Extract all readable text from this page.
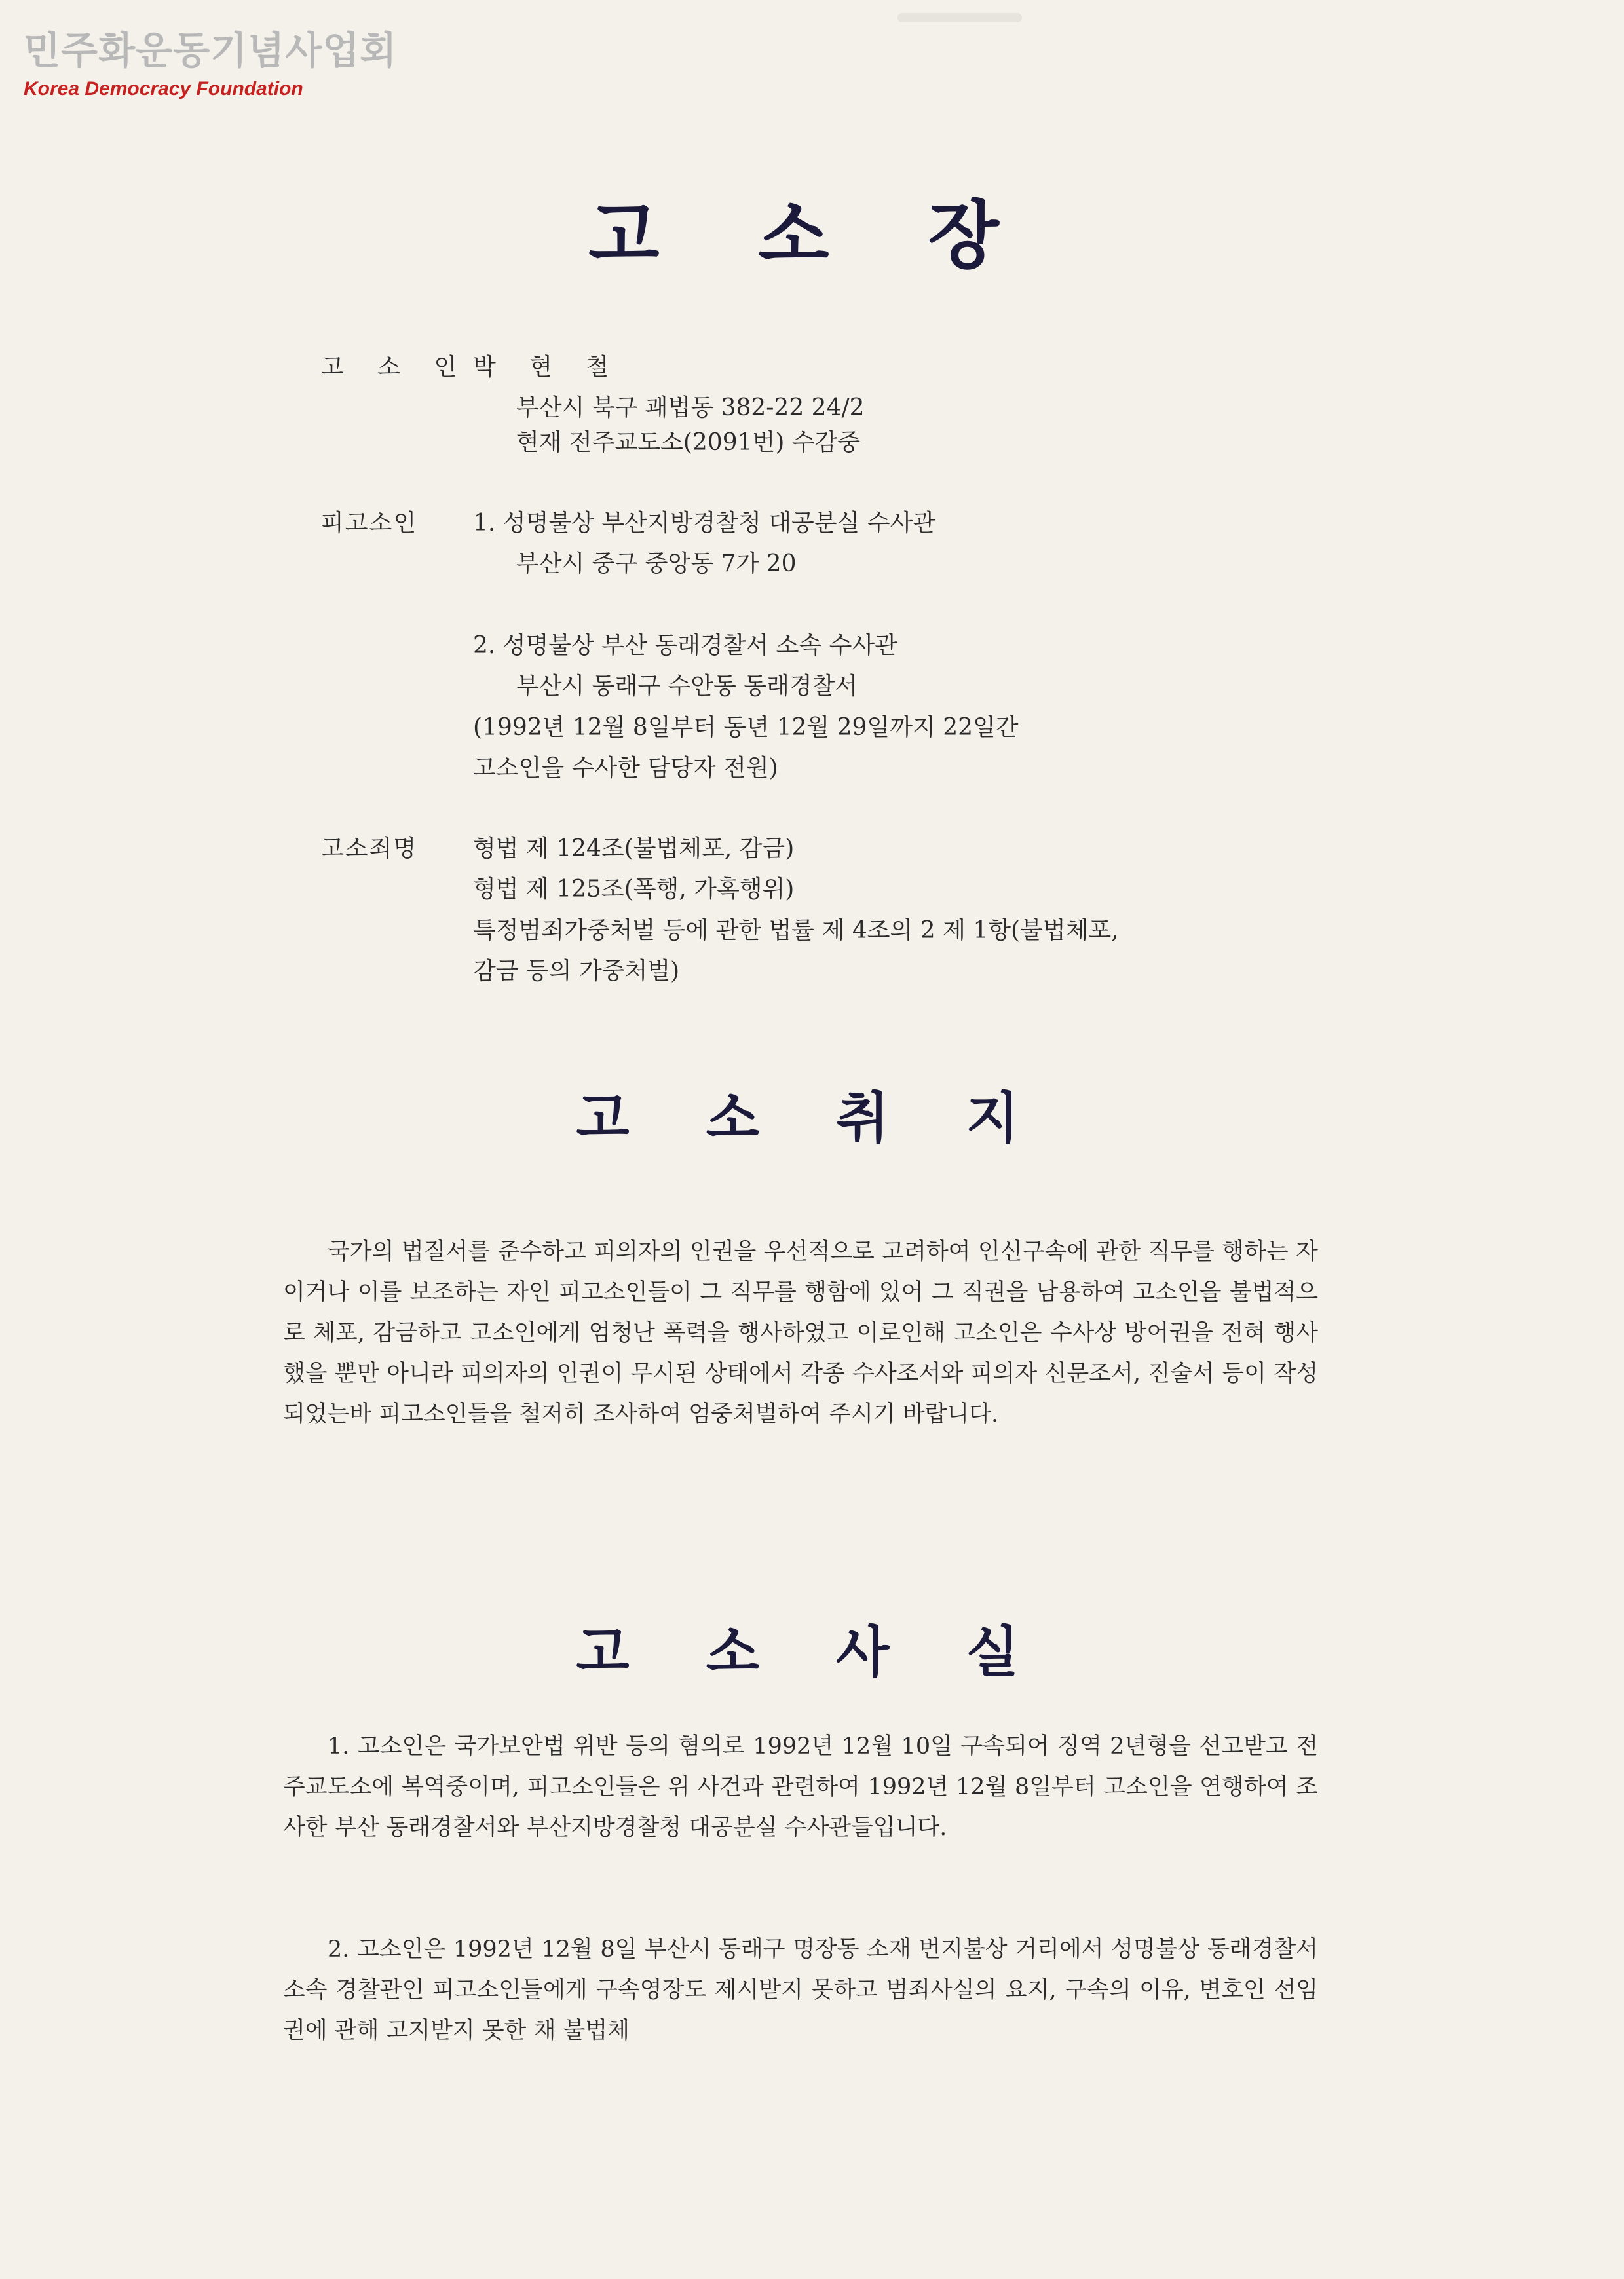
민주화운동기념사업회
Korea Democracy Foundation
고 소 장
고 소 인 박 현 철
부산시 북구 괘법동 382-22 24/2
현재 전주교도소(2091번) 수감중
피고소인 1. 성명불상 부산지방경찰청 대공분실 수사관
부산시 중구 중앙동 7가 20
2. 성명불상 부산 동래경찰서 소속 수사관
부산시 동래구 수안동 동래경찰서
(1992년 12월 8일부터 동년 12월 29일까지 22일간
고소인을 수사한 담당자 전원)
고소죄명 형법 제 124조(불법체포, 감금)
형법 제 125조(폭행, 가혹행위)
특정범죄가중처벌 등에 관한 법률 제 4조의 2 제 1항(불법체포,
감금 등의 가중처벌)
고 소 취 지
국가의 법질서를 준수하고 피의자의 인권을 우선적으로 고려하여 인신구속에 관한 직무를 행하는 자이거나 이를 보조하는 자인 피고소인들이 그 직무를 행함에 있어 그 직권을 남용하여 고소인을 불법적으로 체포, 감금하고 고소인에게 엄청난 폭력을 행사하였고 이로인해 고소인은 수사상 방어권을 전혀 행사했을 뿐만 아니라 피의자의 인권이 무시된 상태에서 각종 수사조서와 피의자 신문조서, 진술서 등이 작성되었는바 피고소인들을 철저히 조사하여 엄중처벌하여 주시기 바랍니다.
고 소 사 실
1. 고소인은 국가보안법 위반 등의 혐의로 1992년 12월 10일 구속되어 징역 2년형을 선고받고 전주교도소에 복역중이며, 피고소인들은 위 사건과 관련하여 1992년 12월 8일부터 고소인을 연행하여 조사한 부산 동래경찰서와 부산지방경찰청 대공분실 수사관들입니다.
2. 고소인은 1992년 12월 8일 부산시 동래구 명장동 소재 번지불상 거리에서 성명불상 동래경찰서 소속 경찰관인 피고소인들에게 구속영장도 제시받지 못하고 범죄사실의 요지, 구속의 이유, 변호인 선임권에 관해 고지받지 못한 채 불법체
